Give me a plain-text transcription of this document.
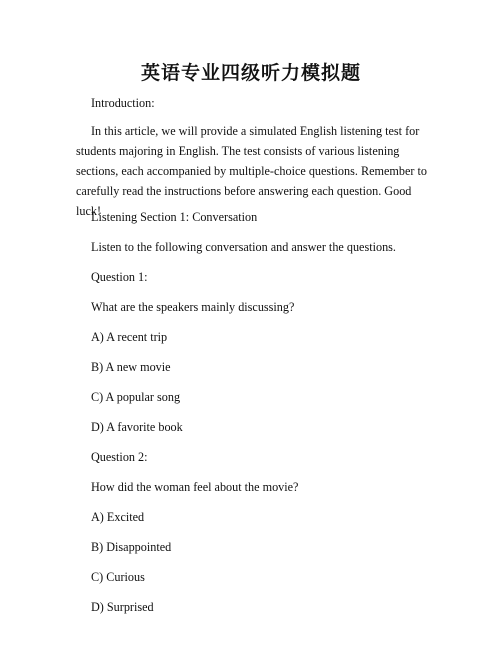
英语专业四级听力模拟题

Introduction:

In this article, we will provide a simulated English listening test for students majoring in English. The test consists of various listening sections, each accompanied by multiple-choice questions. Remember to carefully read the instructions before answering each question. Good luck!

Listening Section 1: Conversation

Listen to the following conversation and answer the questions.

Question 1:

What are the speakers mainly discussing?

A) A recent trip

B) A new movie

C) A popular song

D) A favorite book

Question 2:

How did the woman feel about the movie?

A) Excited

B) Disappointed

C) Curious

D) Surprised
